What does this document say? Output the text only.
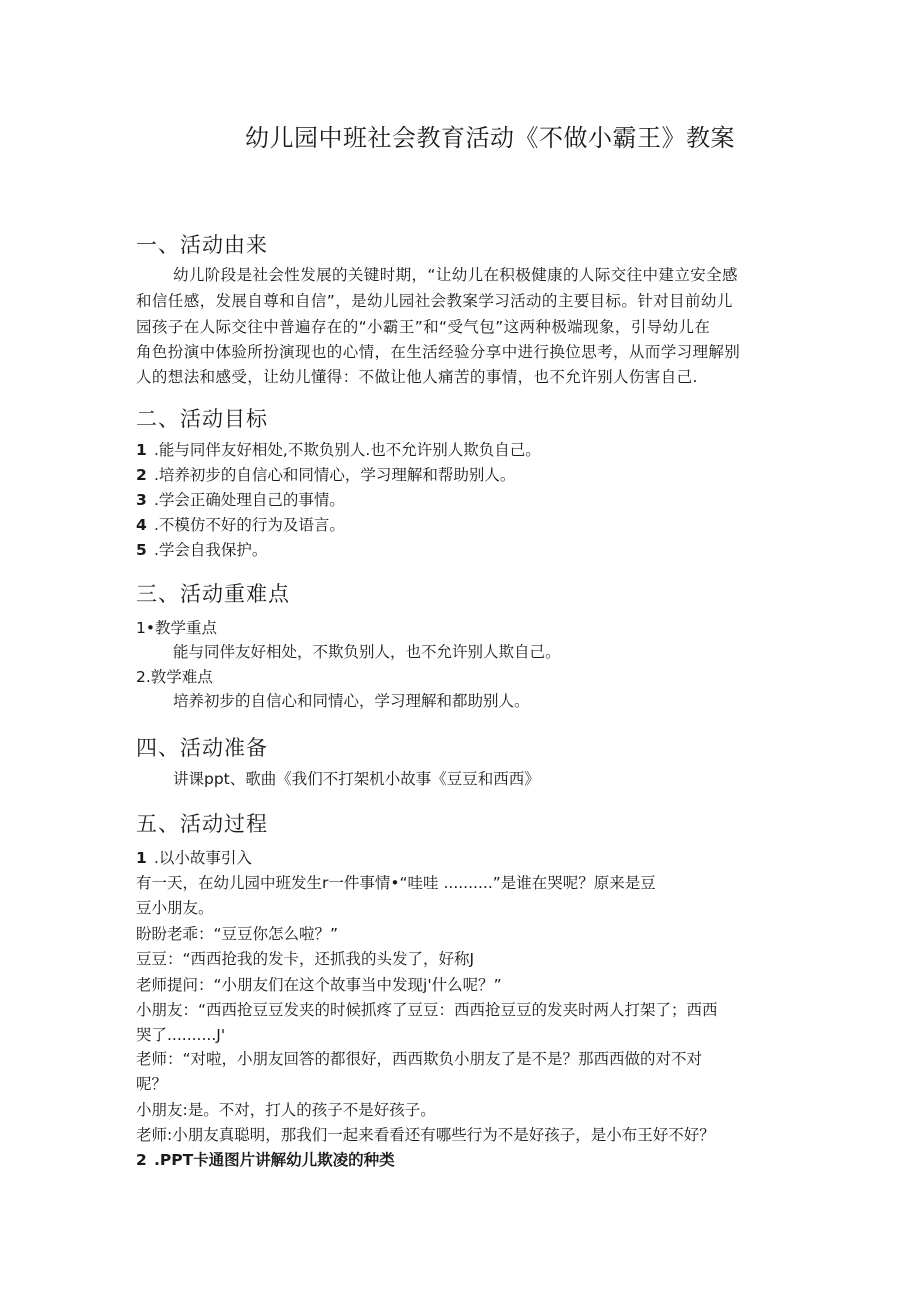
幼儿园中班社会教育活动《不做小霸王》教案
一、活动由来
幼儿阶段是社会性发展的关键时期，“让幼儿在积极健康的人际交往中建立安全感
和信任感，发展自尊和自信”，是幼儿园社会教案学习活动的主要目标。针对目前幼儿
园孩子在人际交往中普遍存在的“小霸王”和“受气包”这两种极端现象，引导幼儿在
角色扮演中体验所扮演现也的心情，在生活经验分享中进行换位思考，从而学习理解别
人的想法和感受，让幼儿懂得：不做让他人痛苦的事情，也不允许别人伤害自己.
二、活动目标
1 .能与同伴友好相处,不欺负别人.也不允许别人欺负自己。
2 .培养初步的自信心和同情心，学习理解和帮助别人。
3 .学会正确处理自己的事情。
4 .不模仿不好的行为及语言。
5 .学会自我保护。
三、活动重难点
1•教学重点
能与同伴友好相处，不欺负别人，也不允许别人欺自己。
2.敦学难点
培养初步的自信心和同情心，学习理解和都助别人。
四、活动准备
讲课ppt、歌曲《我们不打架机小故事《豆豆和西西》
五、活动过程
1 .以小故事引入
有一天，在幼儿园中班发生r一件事情•“哇哇 ..........”是谁在哭呢？原来是豆
豆小朋友。
盼盼老乖：“豆豆你怎么啦？”
豆豆：“西西抢我的发卡，还抓我的头发了，好称J
老师提问：“小朋友们在这个故事当中发现j'什么呢？”
小朋友：“西西抢豆豆发夹的时候抓疼了豆豆：西西抢豆豆的发夹时两人打架了；西西
哭了..........J'
老师：“对啦，小朋友回答的都很好，西西欺负小朋友了是不是？那西西做的对不对
呢？
小朋友:是。不对，打人的孩子不是好孩子。
老师:小朋友真聪明，那我们一起来看看还有哪些行为不是好孩子，是小布王好不好？
2 .PPT卡通图片讲解幼儿欺凌的种类
